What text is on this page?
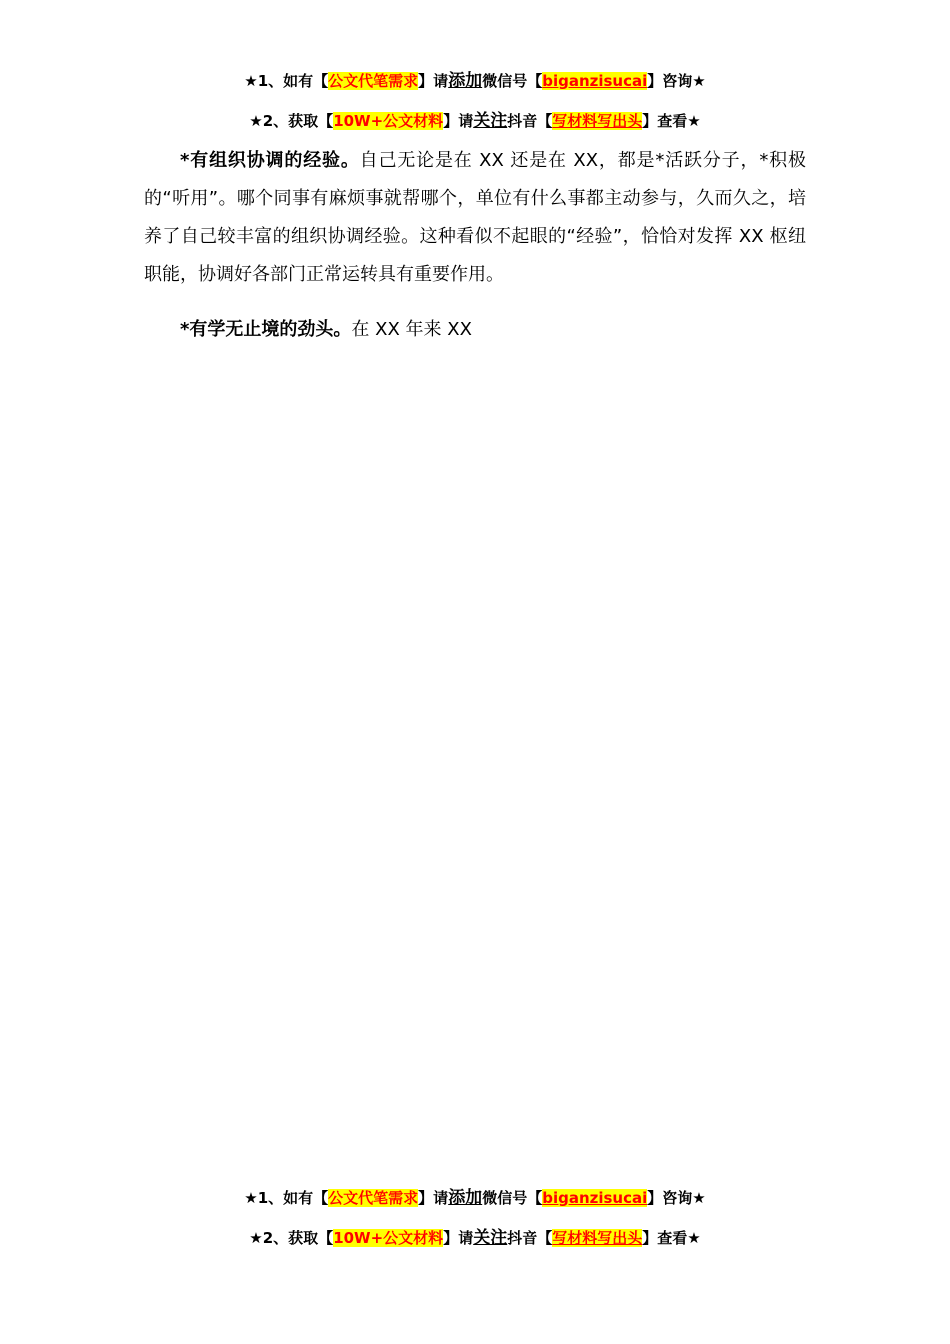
★1、如有【公文代笔需求】请添加微信号【biganzisucai】咨询★
★2、获取【10W+公文材料】请关注抖音【写材料写出头】查看★

*有组织协调的经验。自己无论是在 XX 还是在 XX，都是*活跃分子，*积极的“听用”。哪个同事有麻烦事就帮哪个，单位有什么事都主动参与，久而久之，培养了自己较丰富的组织协调经验。这种看似不起眼的“经验”，恰恰对发挥 XX 枢纽职能，协调好各部门正常运转具有重要作用。

*有学无止境的劲头。在 XX 年来 XX

★1、如有【公文代笔需求】请添加微信号【biganzisucai】咨询★
★2、获取【10W+公文材料】请关注抖音【写材料写出头】查看★
